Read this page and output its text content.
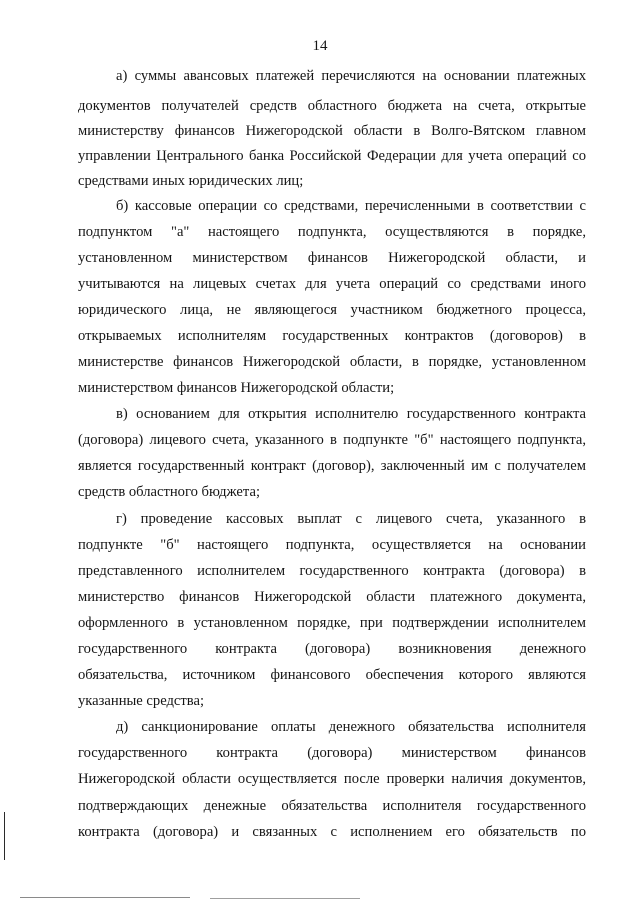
14
а) суммы авансовых платежей перечисляются на основании платежных
документов получателей средств областного бюджета на счета, открытые
министерству финансов Нижегородской области в Волго-Вятском главном
управлении Центрального банка Российской Федерации для учета операций со
средствами иных юридических лиц;
б) кассовые операции со средствами, перечисленными в соответствии с
подпунктом "а" настоящего подпункта, осуществляются в порядке,
установленном министерством финансов Нижегородской области, и
учитываются на лицевых счетах для учета операций со средствами иного
юридического лица, не являющегося участником бюджетного процесса,
открываемых исполнителям государственных контрактов (договоров) в
министерстве финансов Нижегородской области, в порядке, установленном
министерством финансов Нижегородской области;
в) основанием для открытия исполнителю государственного контракта
(договора) лицевого счета, указанного в подпункте "б" настоящего подпункта,
является государственный контракт (договор), заключенный им с получателем
средств областного бюджета;
г) проведение кассовых выплат с лицевого счета, указанного в
подпункте "б" настоящего подпункта, осуществляется на основании
представленного исполнителем государственного контракта (договора) в
министерство финансов Нижегородской области платежного документа,
оформленного в установленном порядке, при подтверждении исполнителем
государственного контракта (договора) возникновения денежного
обязательства, источником финансового обеспечения которого являются
указанные средства;
д) санкционирование оплаты денежного обязательства исполнителя
государственного контракта (договора) министерством финансов
Нижегородской области осуществляется после проверки наличия документов,
подтверждающих денежные обязательства исполнителя государственного
контракта (договора) и связанных с исполнением его обязательств по
